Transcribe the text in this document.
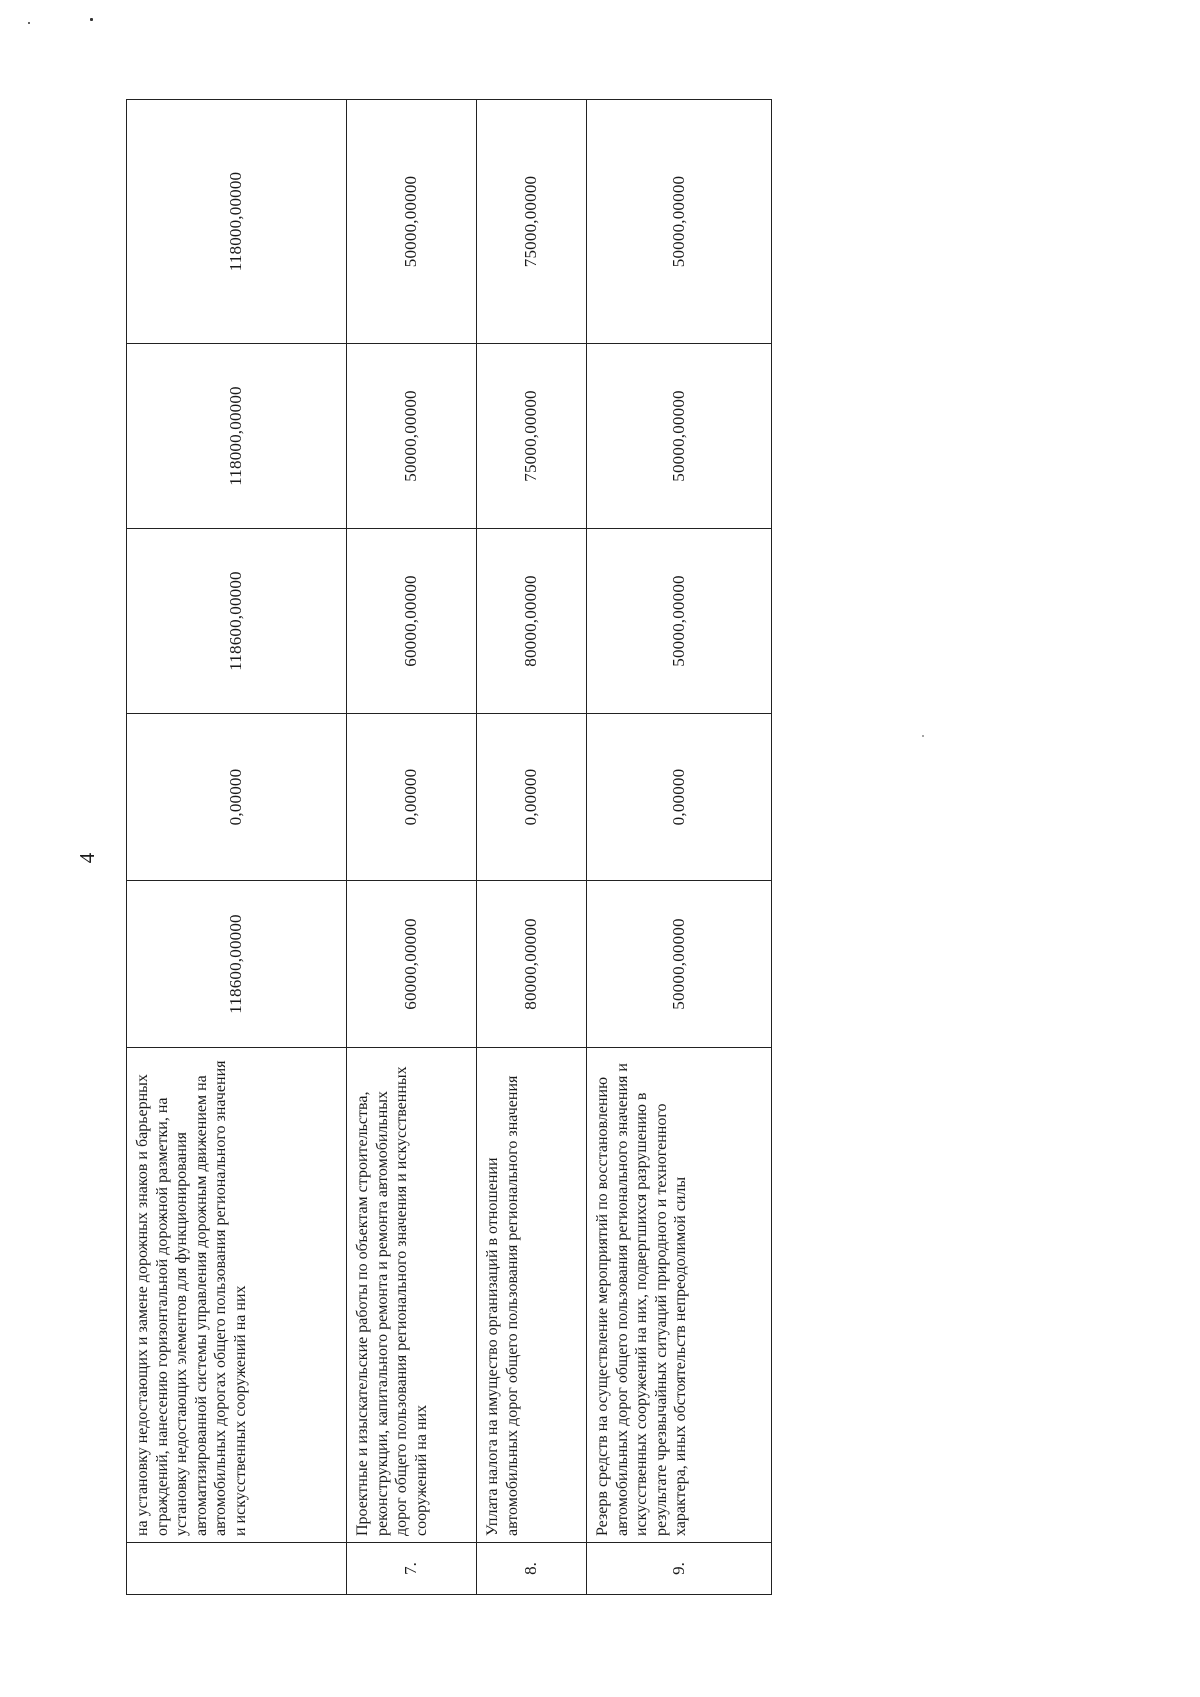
4
	на установку недостающих и замене дорожных знаков и барьерных ограждений, нанесению горизонтальной дорожной разметки, на установку недостающих элементов для функционирования автоматизированной системы управления дорожным движением на автомобильных дорогах общего пользования регионального значения и искусственных сооружений на них	118600,00000	0,00000	118600,00000	118000,00000	118000,00000
7.	Проектные и изыскательские работы по объектам строительства, реконструкции, капитального ремонта и ремонта автомобильных дорог общего пользования регионального значения и искусственных сооружений на них	60000,00000	0,00000	60000,00000	50000,00000	50000,00000
8.	Уплата налога на имущество организаций в отношении автомобильных дорог общего пользования регионального значения	80000,00000	0,00000	80000,00000	75000,00000	75000,00000
9.	Резерв средств на осуществление мероприятий по восстановлению автомобильных дорог общего пользования регионального значения и искусственных сооружений на них, подвергшихся разрушению в результате чрезвычайных ситуаций природного и техногенного характера, иных обстоятельств непреодолимой силы	50000,00000	0,00000	50000,00000	50000,00000	50000,00000
